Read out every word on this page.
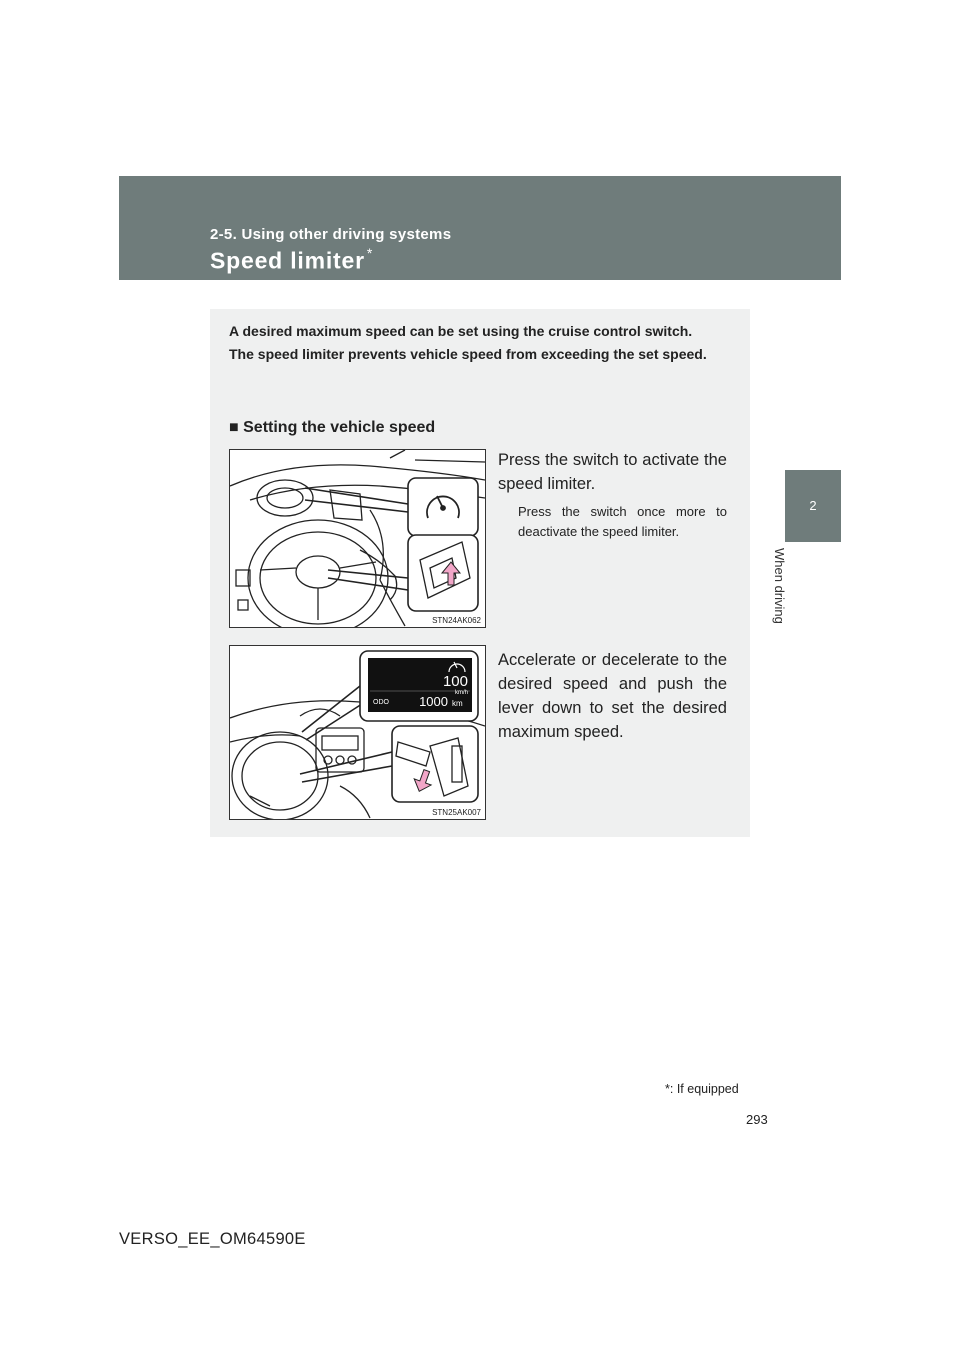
2-5. Using other driving systems
Speed limiter *
2
When driving

A desired maximum speed can be set using the cruise control switch.

The speed limiter prevents vehicle speed from exceeding the set speed.

■ Setting the vehicle speed
STN24AK062
Press the switch to activate the speed limiter.
Press the switch once more to deactivate the speed limiter.
100
km/h
ODO 1000 km
STN25AK007
Accelerate or decelerate to the desired speed and push the lever down to set the desired maximum speed.
*: If equipped
293
VERSO_EE_OM64590E
